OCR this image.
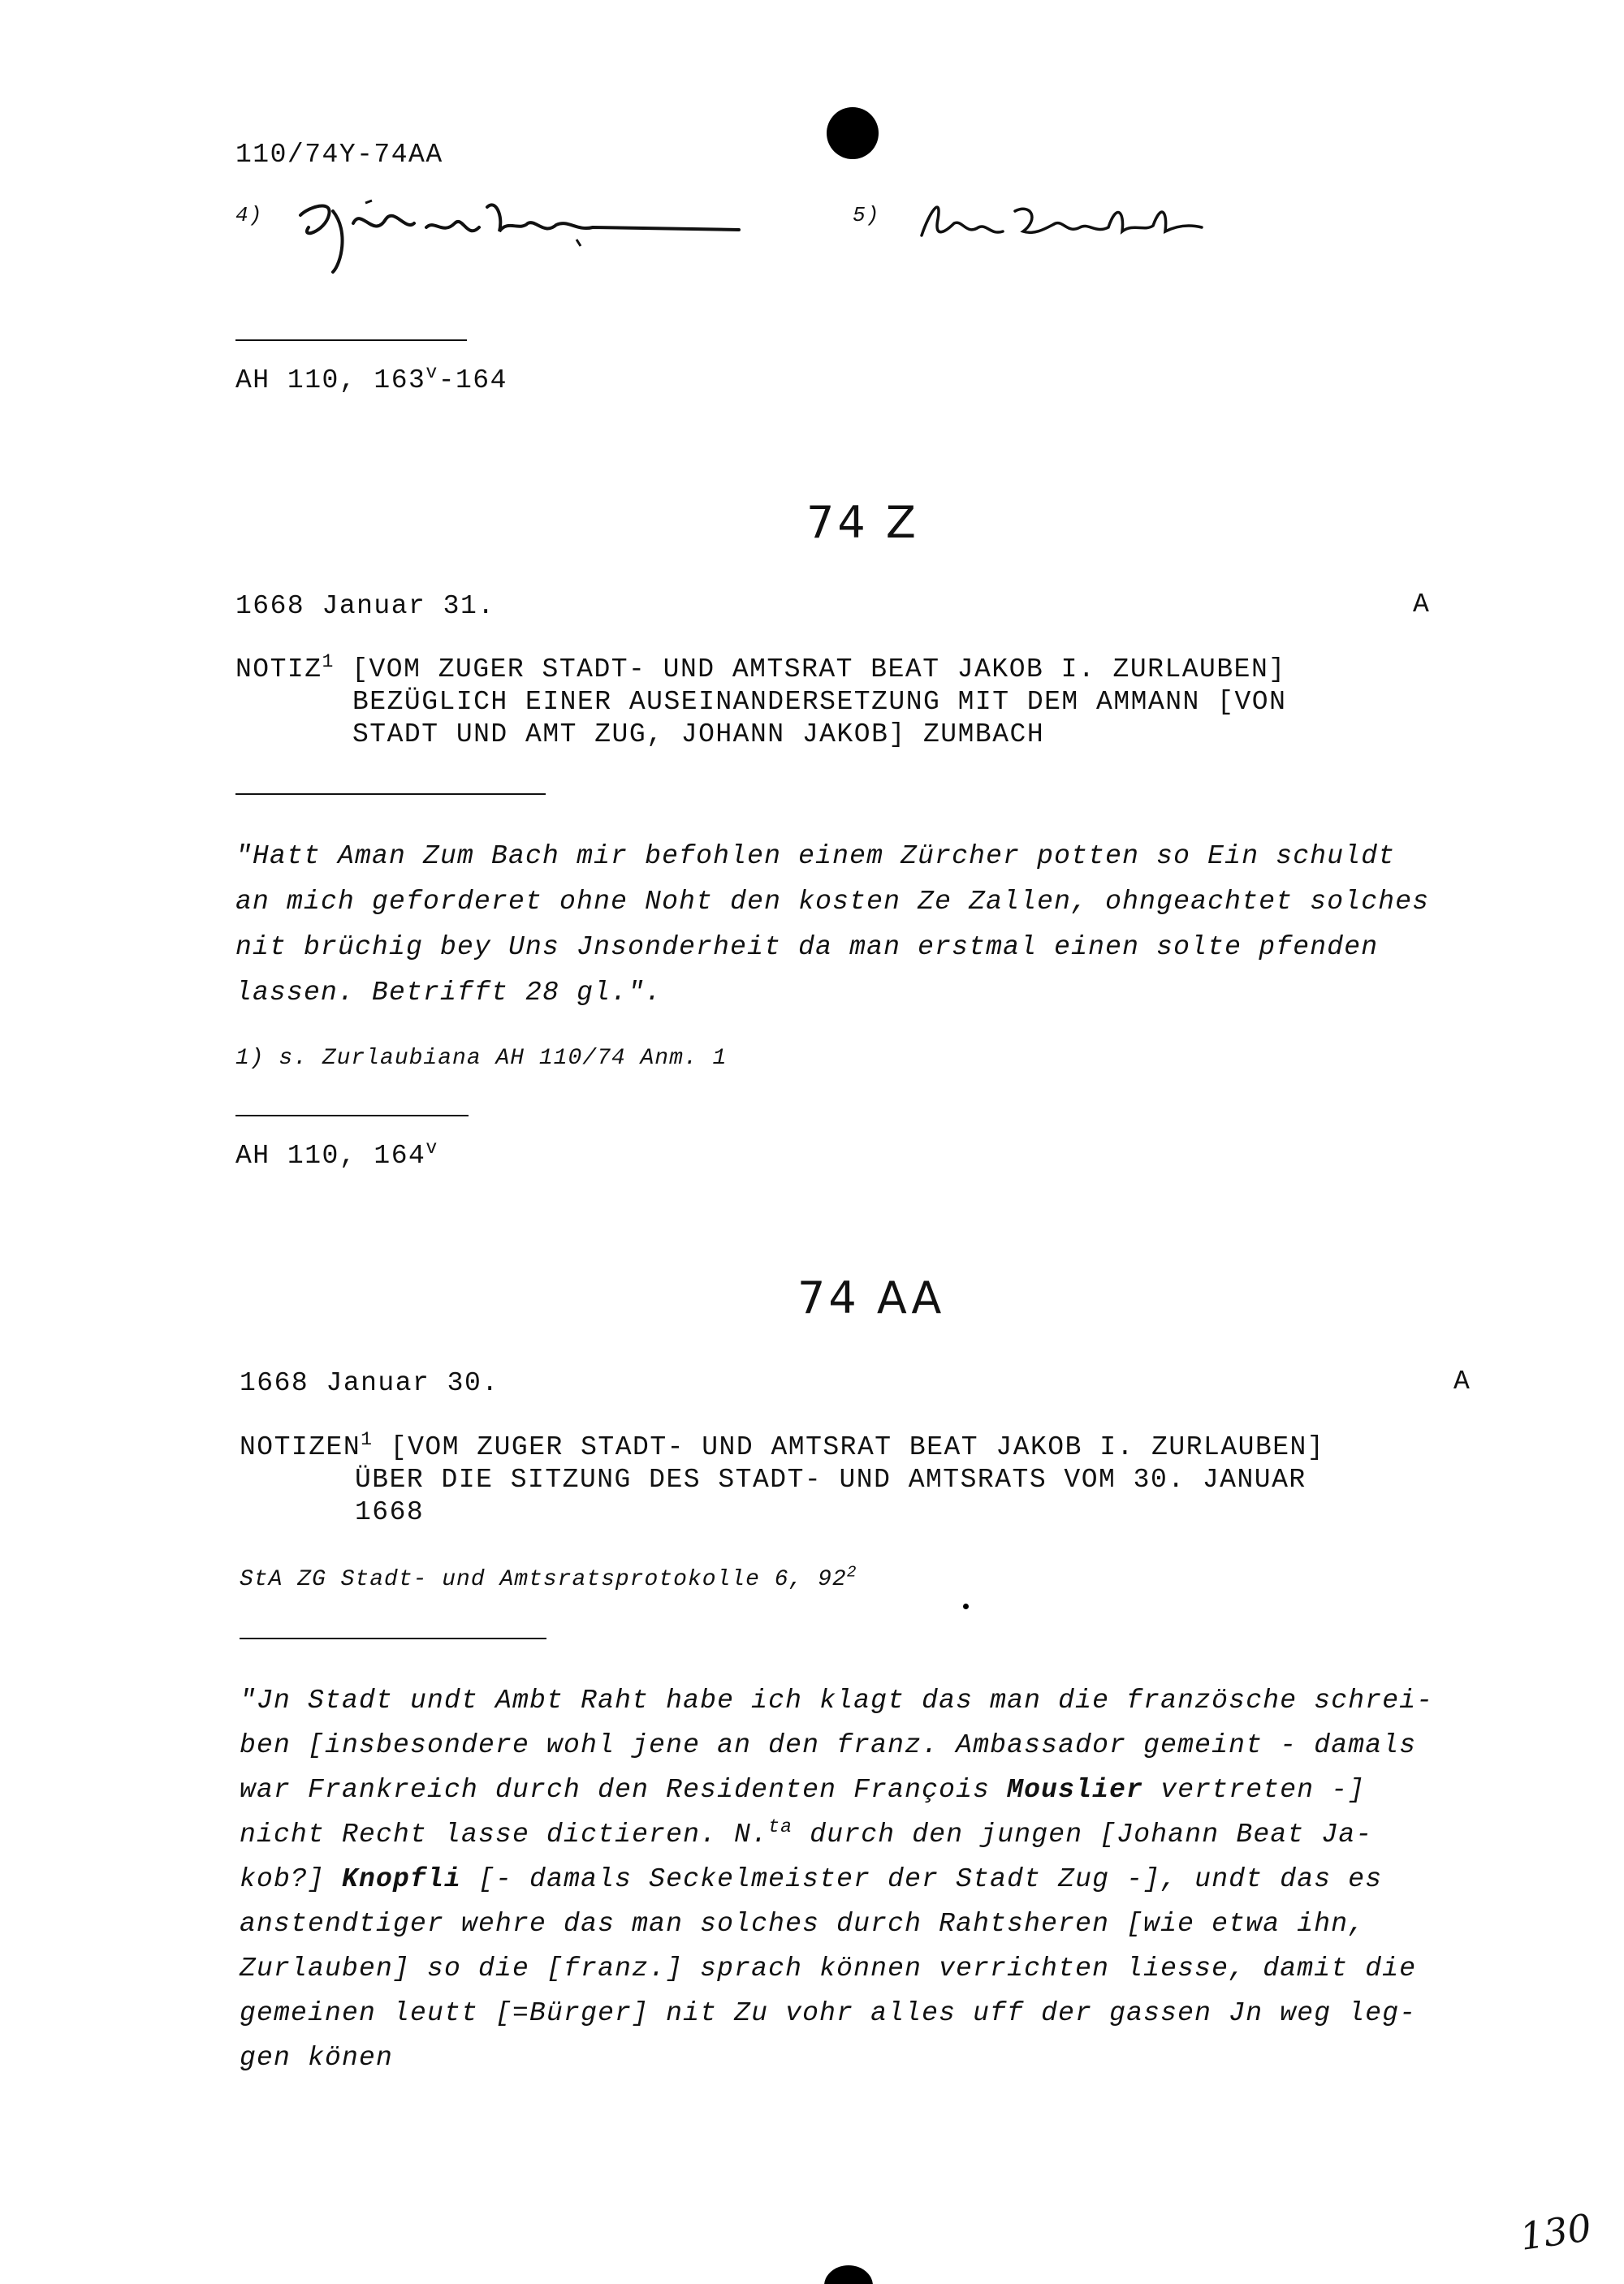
110/74Y-74AA
4)	5)
AH 110, 163$^v$-164
74 Z
1668 Januar 31.	A
NOTIZ$^1$ [VOM ZUGER STADT- UND AMTSRAT BEAT JAKOB I. ZURLAUBEN]
BEZÜGLICH EINER AUSEINANDERSETZUNG MIT DEM AMMANN [VON
STADT UND AMT ZUG, JOHANN JAKOB] ZUMBACH
"Hatt Aman Zum Bach mir befohlen einem Zürcher potten so Ein schuldt
an mich geforderet ohne Noht den kosten Ze Zallen, ohngeachtet solches
nit brüchig bey Uns Jnsonderheit da man erstmal einen solte pfenden
lassen. Betrifft 28 gl.".
1) s. Zurlaubiana AH 110/74 Anm. 1
AH 110, 164$^v$
74 AA
1668 Januar 30.	A
NOTIZEN$^1$ [VOM ZUGER STADT- UND AMTSRAT BEAT JAKOB I. ZURLAUBEN]
ÜBER DIE SITZUNG DES STADT- UND AMTSRATS VOM 30. JANUAR
1668
StA ZG Stadt- und Amtsratsprotokolle 6, $92^2$
"Jn Stadt undt Ambt Raht habe ich klagt das man die französche schrei-
ben [insbesondere wohl jene an den franz. Ambassador gemeint - damals
war Frankreich durch den Residenten François Mouslier vertreten -]
nicht Recht lasse dictieren. N.$^{ta}$ durch den jungen [Johann Beat Ja-
kob?] Knopfli [- damals Seckelmeister der Stadt Zug -], undt das es
anstendtiger wehre das man solches durch Rahtsheren [wie etwa ihn,
Zurlauben] so die [franz.] sprach können verrichten liesse, damit die
gemeinen leutt [=Bürger] nit Zu vohr alles uff der gassen Jn weg leg-
gen könen
130
